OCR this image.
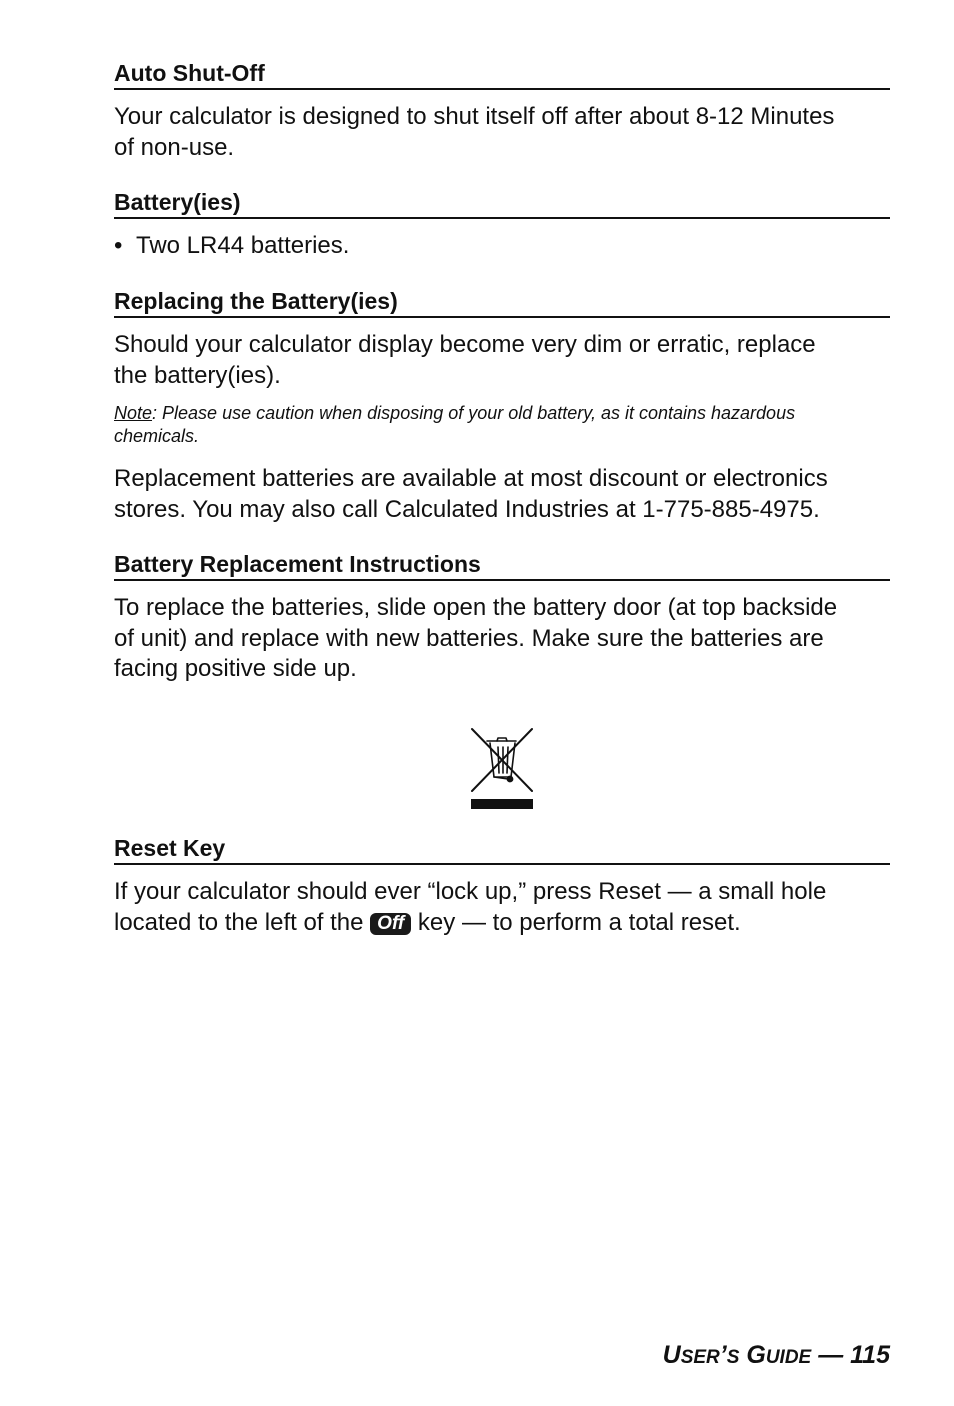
Auto Shut-Off
Your calculator is designed to shut itself off after about 8-12 Minutes
of non-use.
Battery(ies)
• Two LR44 batteries.
Replacing the Battery(ies)
Should your calculator display become very dim or erratic, replace
the battery(ies).
Note: Please use caution when disposing of your old battery, as it contains hazardous
chemicals.
Replacement batteries are available at most discount or electronics
stores. You may also call Calculated Industries at 1-775-885-4975.
Battery Replacement Instructions
To replace the batteries, slide open the battery door (at top backside
of unit) and replace with new batteries. Make sure the batteries are
facing positive side up.
Reset Key
If your calculator should ever “lock up,” press Reset — a small hole
located to the left of the Off key — to perform a total reset.
USER’S GUIDE — 115
